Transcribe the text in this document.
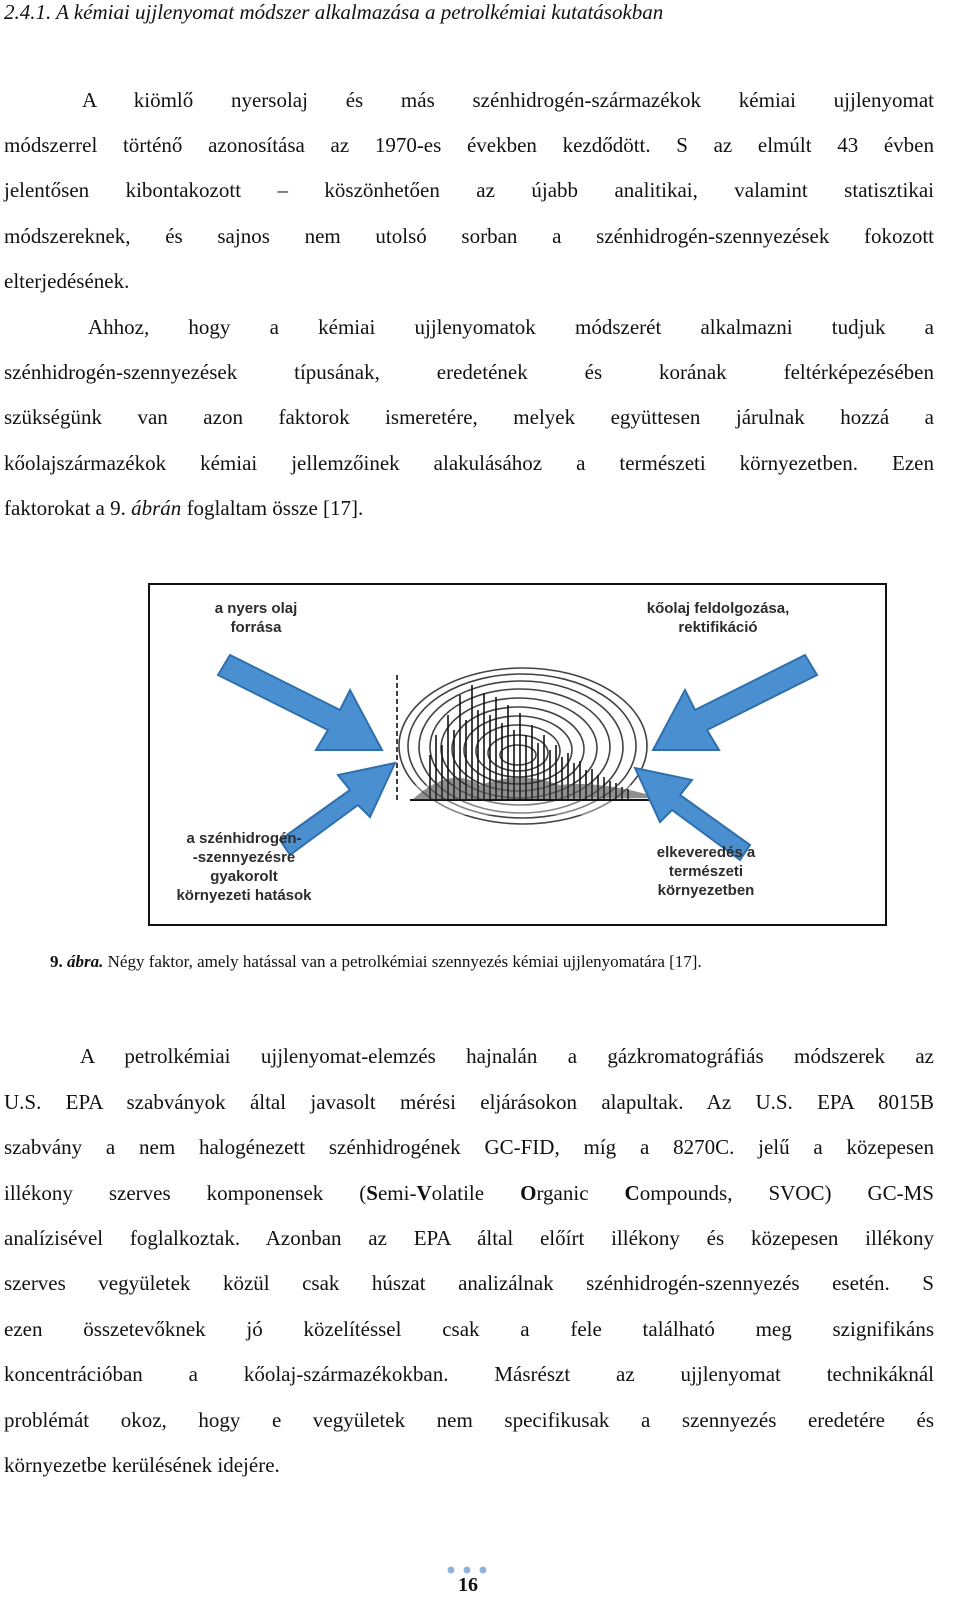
2.4.1. A kémiai ujjlenyomat módszer alkalmazása a petrolkémiai kutatásokban
A kiömlő nyersolaj és más szénhidrogén-származékok kémiai ujjlenyomat
módszerrel történő azonosítása az 1970-es években kezdődött. S az elmúlt 43 évben
jelentősen kibontakozott – köszönhetően az újabb analitikai, valamint statisztikai
módszereknek, és sajnos nem utolsó sorban a szénhidrogén-szennyezések fokozott
elterjedésének.
Ahhoz, hogy a kémiai ujjlenyomatok módszerét alkalmazni tudjuk a
szénhidrogén-szennyezések típusának, eredetének és korának feltérképezésében
szükségünk van azon faktorok ismeretére, melyek együttesen járulnak hozzá a
kőolajszármazékok kémiai jellemzőinek alakulásához a természeti környezetben. Ezen
faktorokat a 9. ábrán foglaltam össze [17].
a nyers olaj
forrása
kőolaj feldolgozása,
rektifikáció
a szénhidrogén-
-szennyezésre
gyakorolt
környezeti hatások
elkeveredés a
természeti
környezetben
9. ábra. Négy faktor, amely hatással van a petrolkémiai szennyezés kémiai ujjlenyomatára [17].
A petrolkémiai ujjlenyomat-elemzés hajnalán a gázkromatográfiás módszerek az
U.S. EPA szabványok által javasolt mérési eljárásokon alapultak. Az U.S. EPA 8015B
szabvány a nem halogénezett szénhidrogének GC-FID, míg a 8270C. jelű a közepesen
illékony szerves komponensek (Semi-Volatile Organic Compounds, SVOC) GC-MS
analízisével foglalkoztak. Azonban az EPA által előírt illékony és közepesen illékony
szerves vegyületek közül csak húszat analizálnak szénhidrogén-szennyezés esetén. S
ezen összetevőknek jó közelítéssel csak a fele található meg szignifikáns
koncentrációban a kőolaj-származékokban. Másrészt az ujjlenyomat technikáknál
problémát okoz, hogy e vegyületek nem specifikusak a szennyezés eredetére és
környezetbe kerülésének idejére.
16
